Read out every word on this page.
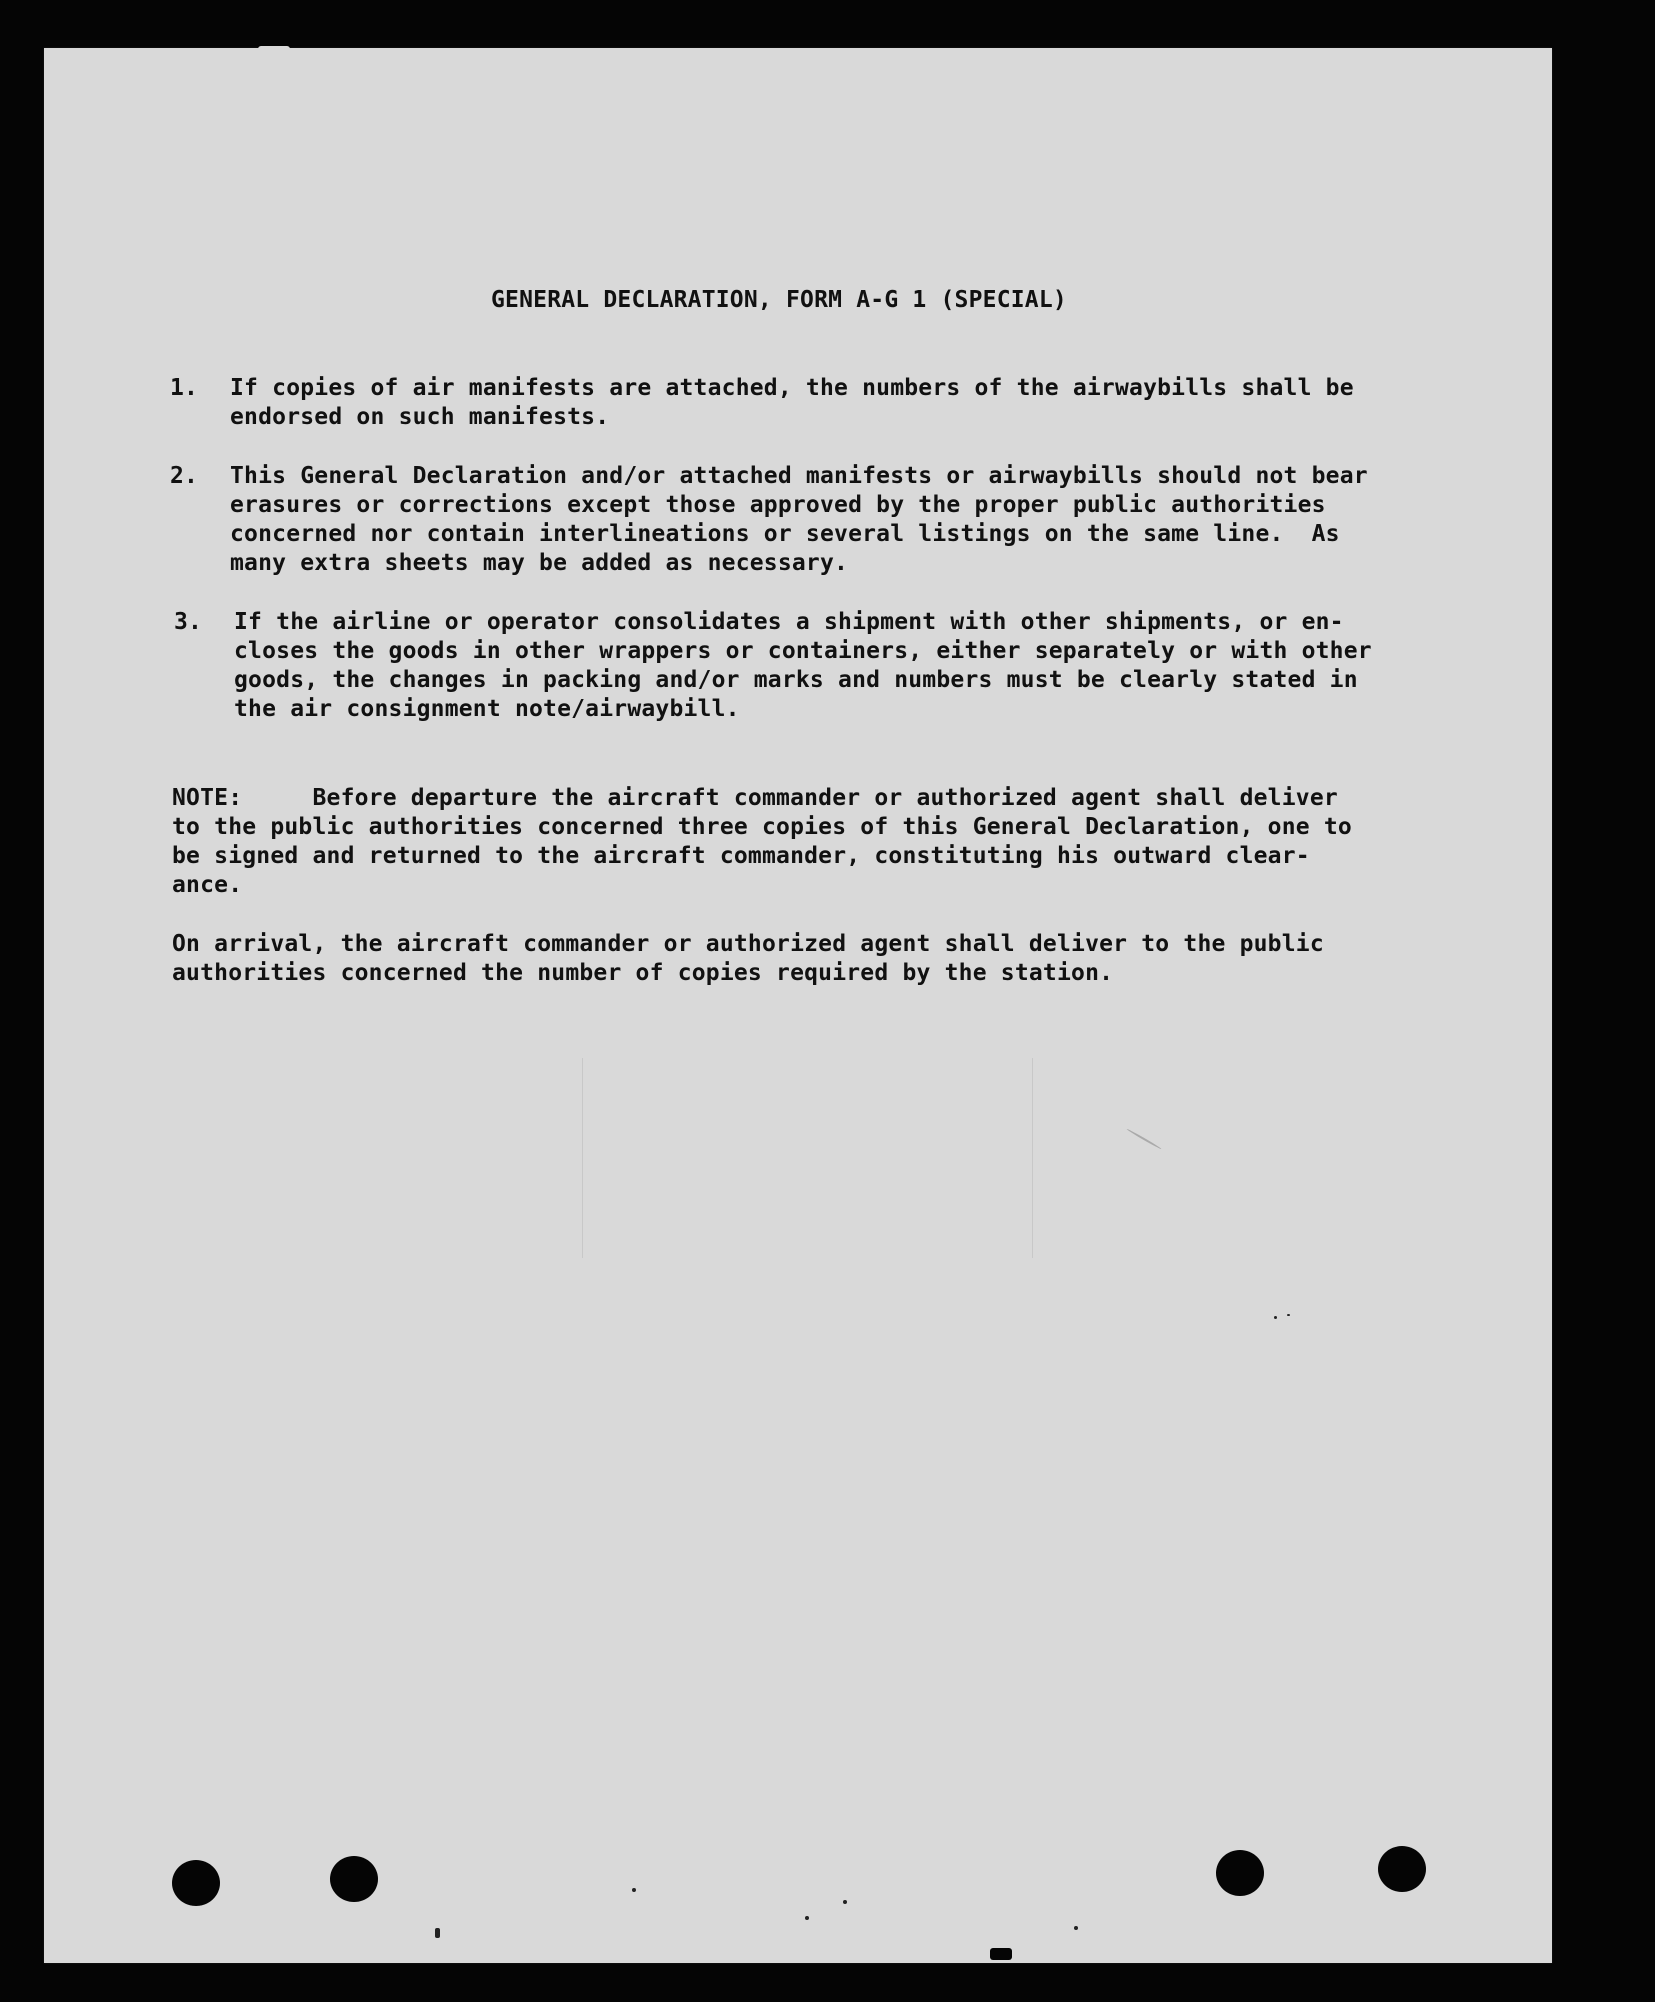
GENERAL DECLARATION, FORM A-G 1 (SPECIAL)
1. If copies of air manifests are attached, the numbers of the airwaybills shall be
endorsed on such manifests.
2. This General Declaration and/or attached manifests or airwaybills should not bear
erasures or corrections except those approved by the proper public authorities
concerned nor contain interlineations or several listings on the same line.  As
many extra sheets may be added as necessary.
3. If the airline or operator consolidates a shipment with other shipments, or en-
closes the goods in other wrappers or containers, either separately or with other
goods, the changes in packing and/or marks and numbers must be clearly stated in
the air consignment note/airwaybill.
NOTE:     Before departure the aircraft commander or authorized agent shall deliver
to the public authorities concerned three copies of this General Declaration, one to
be signed and returned to the aircraft commander, constituting his outward clear-
ance.
On arrival, the aircraft commander or authorized agent shall deliver to the public
authorities concerned the number of copies required by the station.
